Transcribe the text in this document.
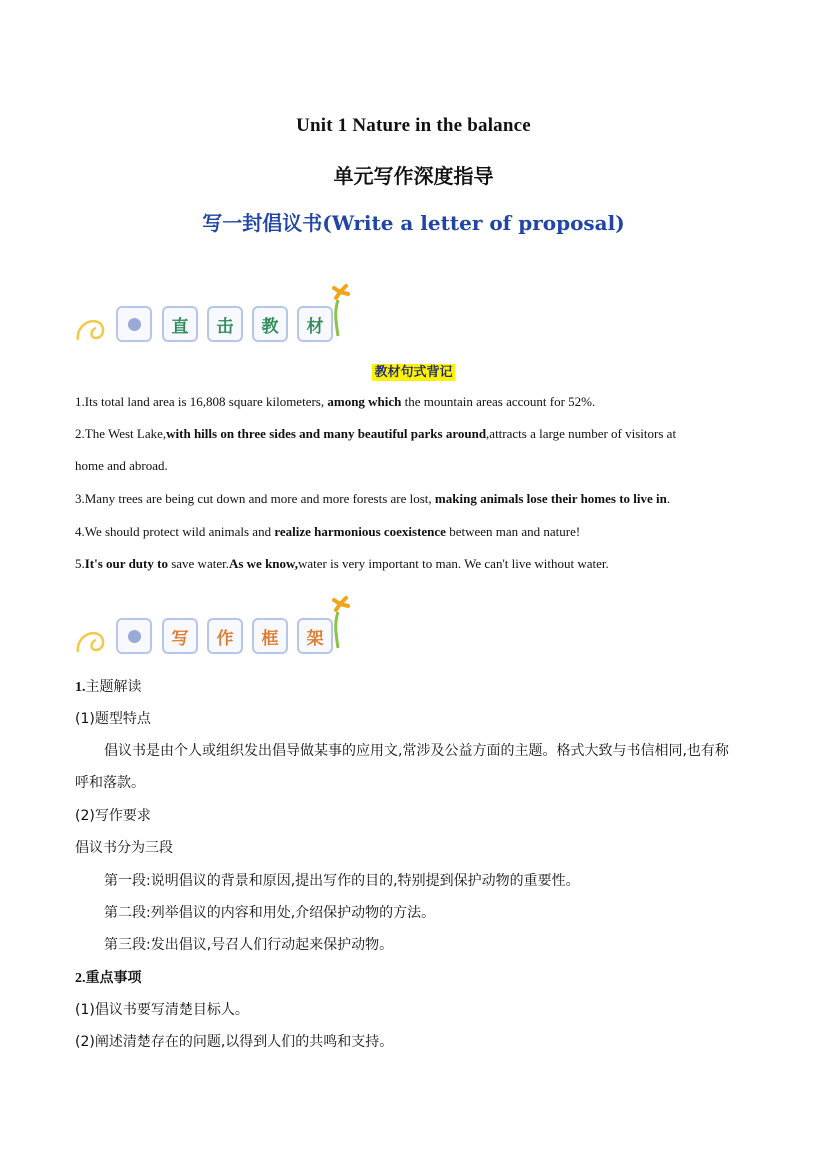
Unit 1 Nature in the balance
单元写作深度指导
写一封倡议书(Write a letter of proposal)
直	击	教	材
教材句式背记
1.Its total land area is 16,808 square kilometers, among which the mountain areas account for 52%.
2.The West Lake,with hills on three sides and many beautiful parks around,attracts a large number of visitors at
home and abroad.
3.Many trees are being cut down and more and more forests are lost, making animals lose their homes to live in.
4.We should protect wild animals and realize harmonious coexistence between man and nature!
5.It's our duty to save water.As we know,water is very important to man. We can't live without water.
写	作	框	架
1.主题解读
(1)题型特点
倡议书是由个人或组织发出倡导做某事的应用文,常涉及公益方面的主题。格式大致与书信相同,也有称
呼和落款。
(2)写作要求
倡议书分为三段
第一段:说明倡议的背景和原因,提出写作的目的,特别提到保护动物的重要性。
第二段:列举倡议的内容和用处,介绍保护动物的方法。
第三段:发出倡议,号召人们行动起来保护动物。
2.重点事项
(1)倡议书要写清楚目标人。
(2)阐述清楚存在的问题,以得到人们的共鸣和支持。
